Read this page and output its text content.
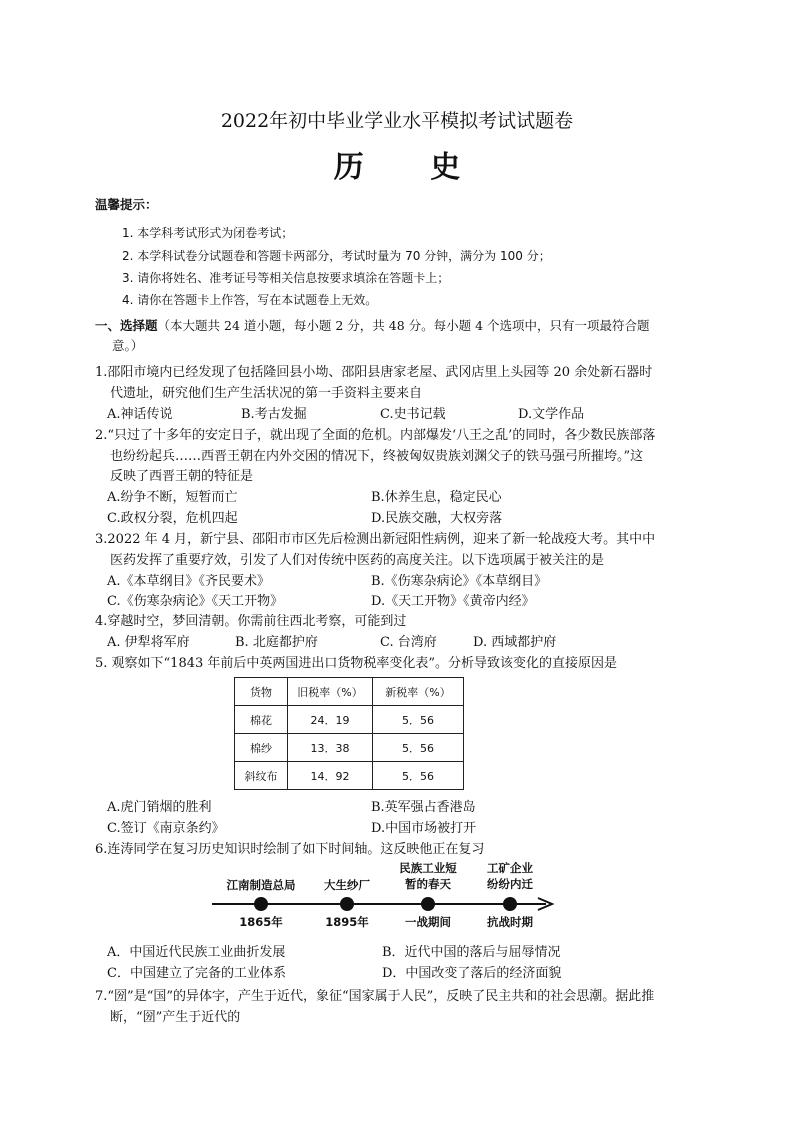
2022年初中毕业学业水平模拟考试试题卷
历 史
温馨提示：
1. 本学科考试形式为闭卷考试；
2. 本学科试卷分试题卷和答题卡两部分，考试时量为 70 分钟，满分为 100 分；
3. 请你将姓名、准考证号等相关信息按要求填涂在答题卡上；
4. 请你在答题卡上作答，写在本试题卷上无效。
一、选择题（本大题共 24 道小题，每小题 2 分，共 48 分。每小题 4 个选项中，只有一项最符合题
意。）
1.邵阳市境内已经发现了包括隆回县小坳、邵阳县唐家老屋、武冈店里上头园等 20 余处新石器时
代遗址，研究他们生产生活状况的第一手资料主要来自
A.神话传说	B.考古发掘	C.史书记载	D.文学作品
2.“只过了十多年的安定日子，就出现了全面的危机。内部爆发‘八王之乱’的同时，各少数民族部落
也纷纷起兵……西晋王朝在内外交困的情况下，终被匈奴贵族刘渊父子的铁马强弓所摧垮。”这
反映了西晋王朝的特征是
A.纷争不断，短暂而亡	B.休养生息，稳定民心
C.政权分裂，危机四起	D.民族交融，大权旁落
3.2022 年 4 月，新宁县、邵阳市市区先后检测出新冠阳性病例，迎来了新一轮战疫大考。其中中
医药发挥了重要疗效，引发了人们对传统中医药的高度关注。以下选项属于被关注的是
A.《本草纲目》《齐民要术》	B.《伤寒杂病论》《本草纲目》
C.《伤寒杂病论》《天工开物》	D.《天工开物》《黄帝内经》
4.穿越时空，梦回清朝。你需前往西北考察，可能到过
A. 伊犁将军府	B. 北庭都护府	C. 台湾府	D. 西域都护府
5. 观察如下“1843 年前后中英两国进出口货物税率变化表”。分析导致该变化的直接原因是
货物	旧税率（%）	新税率（%）
棉花	24．19	5．56
棉纱	13．38	5．56
斜纹布	14．92	5．56
A.虎门销烟的胜利	B.英军强占香港岛
C.签订《南京条约》	D.中国市场被打开
6.连涛同学在复习历史知识时绘制了如下时间轴。这反映他正在复习
江南制造总局	大生纱厂
民族工业短
暂的春天
工矿企业
纷纷内迁
1865年	1895年	一战期间	抗战时期
A．中国近代民族工业曲折发展	B．近代中国的落后与屈辱情况
C．中国建立了完备的工业体系	D．中国改变了落后的经济面貌
7.“圀”是“国”的异体字，产生于近代，象征“国家属于人民”，反映了民主共和的社会思潮。据此推
断，“圀”产生于近代的
